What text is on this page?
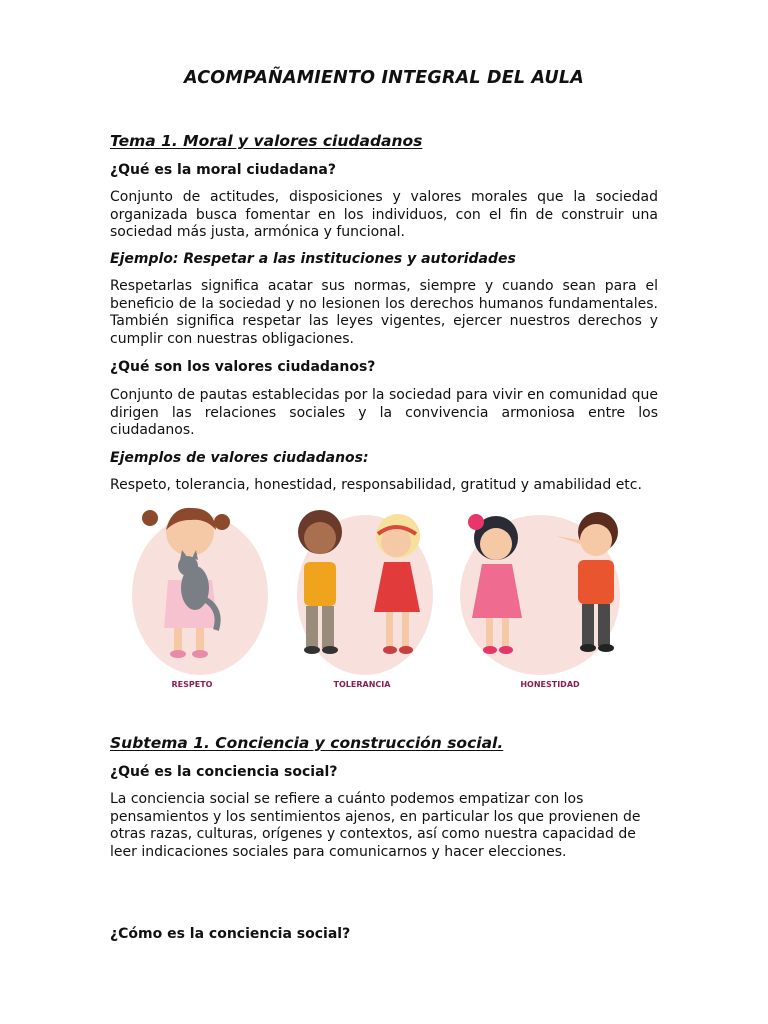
ACOMPAÑAMIENTO INTEGRAL DEL AULA
Tema 1. Moral y valores ciudadanos
¿Qué es la moral ciudadana?

Conjunto de actitudes, disposiciones y valores morales que la sociedad organizada busca fomentar en los individuos, con el fin de construir una sociedad más justa, armónica y funcional.

Ejemplo: Respetar a las instituciones y autoridades

Respetarlas significa acatar sus normas, siempre y cuando sean para el beneficio de la sociedad y no lesionen los derechos humanos fundamentales. También significa respetar las leyes vigentes, ejercer nuestros derechos y cumplir con nuestras obligaciones.

¿Qué son los valores ciudadanos?

Conjunto de pautas establecidas por la sociedad para vivir en comunidad que dirigen las relaciones sociales y la convivencia armoniosa entre los ciudadanos.

Ejemplos de valores ciudadanos:

Respeto, tolerancia, honestidad, responsabilidad, gratitud y amabilidad etc.

RESPETO	TOLERANCIA	HONESTIDAD
Subtema 1. Conciencia y construcción social.
¿Qué es la conciencia social?

La conciencia social se refiere a cuánto podemos empatizar con los pensamientos y los sentimientos ajenos, en particular los que provienen de otras razas, culturas, orígenes y contextos, así como nuestra capacidad de leer indicaciones sociales para comunicarnos y hacer elecciones.

¿Cómo es la conciencia social?
